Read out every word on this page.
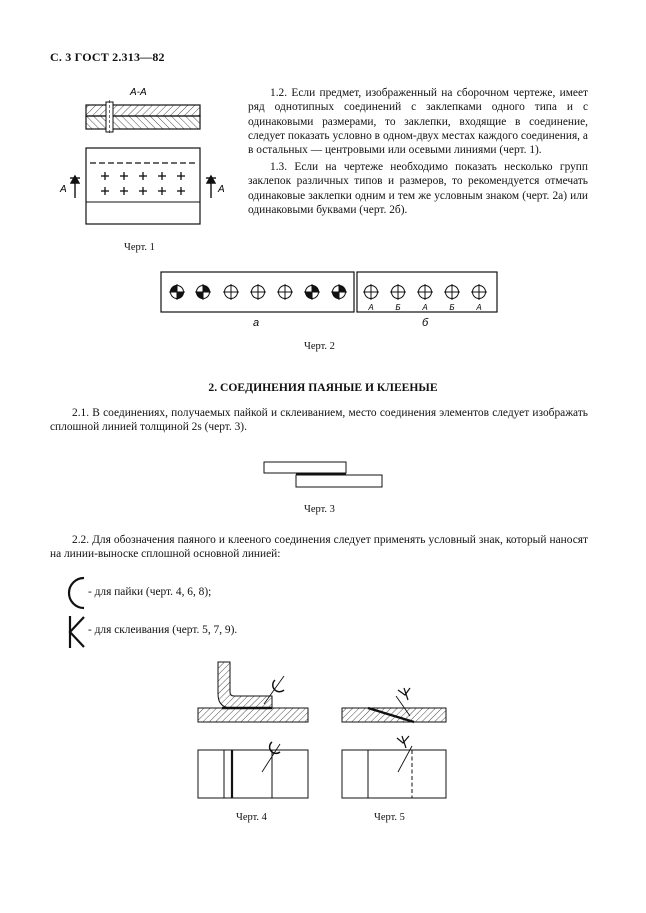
С. 3 ГОСТ 2.313—82
А-А
А	А
Черт. 1
1.2. Если предмет, изображенный на сборочном чертеже, имеет ряд однотипных соединений с заклепками одного типа и с одинаковыми размерами, то заклепки, входящие в соединение, следует показать условно в одном-двух местах каждого соединения, а в остальных — центровыми или осевыми линиями (черт. 1).
1.3. Если на чертеже необходимо показать несколько групп заклепок различных типов и размеров, то рекомендуется отмечать одинаковые заклепки одним и тем же условным знаком (черт. 2а) или одинаковыми буквами (черт. 2б).
А	Б	А	Б	А
а	б
Черт. 2
2. СОЕДИНЕНИЯ ПАЯНЫЕ И КЛЕЕНЫЕ
2.1. В соединениях, получаемых пайкой и склеиванием, место соединения элементов следует изображать сплошной линией толщиной 2s (черт. 3).
Черт. 3
2.2. Для обозначения паяного и клееного соединения следует применять условный знак, который наносят на линии-выноске сплошной основной линией:
- для пайки (черт. 4, 6, 8);
- для склеивания (черт. 5, 7, 9).
Черт. 4	Черт. 5
